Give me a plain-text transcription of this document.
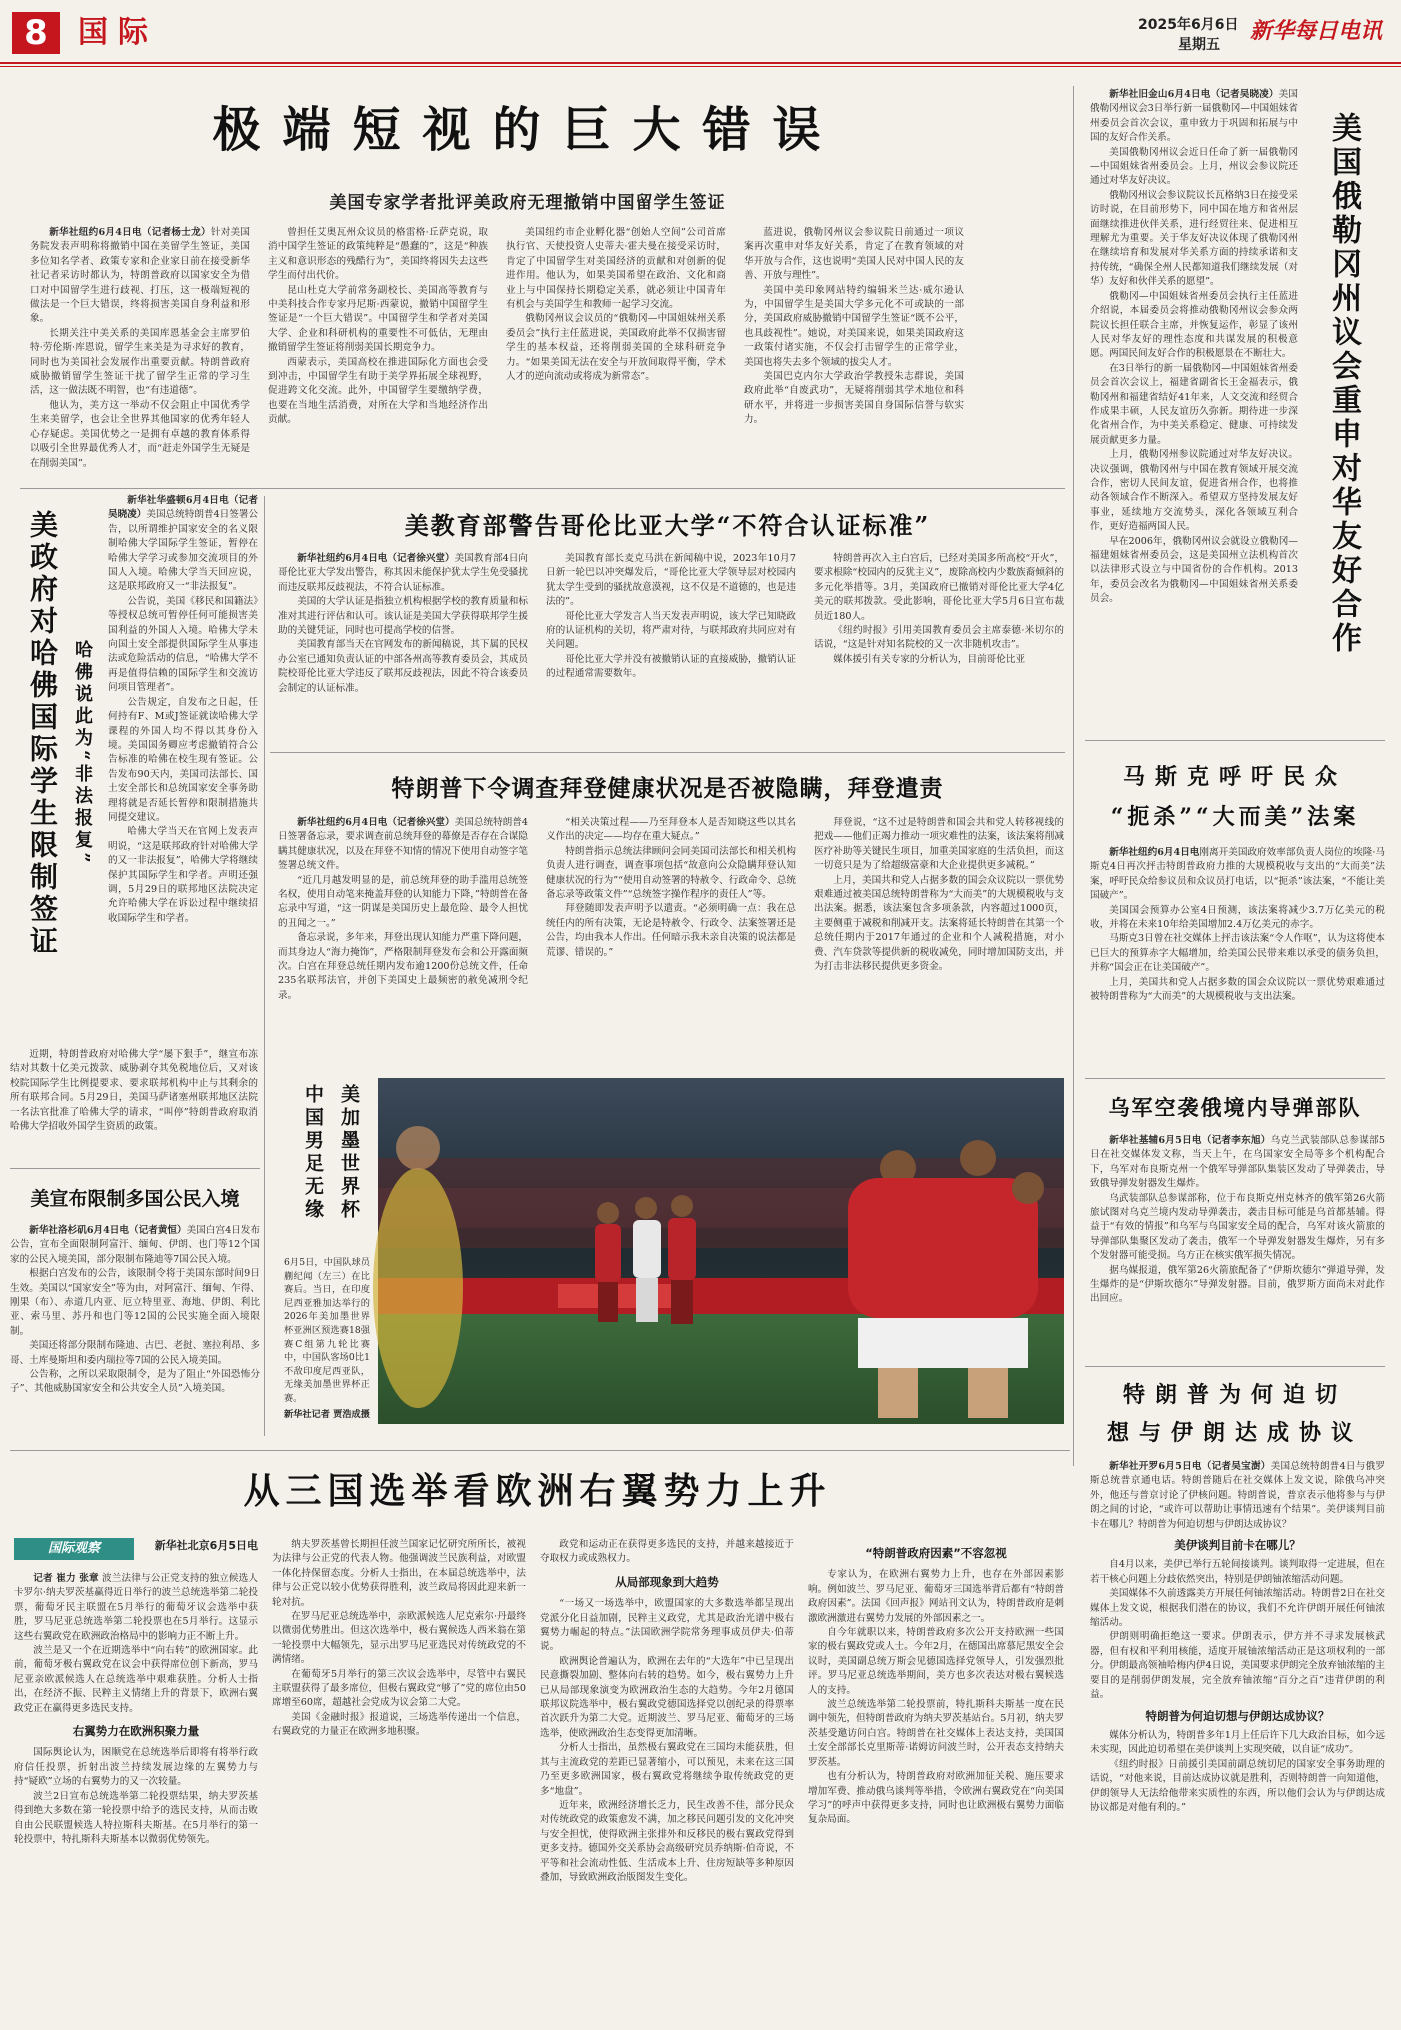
8	国际	2025年6月6日
星期五
新华每日电讯
极端短视的巨大错误
美国专家学者批评美政府无理撤销中国留学生签证

新华社纽约6月4日电（记者杨士龙）针对美国务院发表声明称将撤销中国在美留学生签证，美国多位知名学者、政策专家和企业家日前在接受新华社记者采访时都认为，特朗普政府以国家安全为借口对中国留学生进行歧视、打压，这一极端短视的做法是一个巨大错误，终将损害美国自身利益和形象。

长期关注中美关系的美国库恩基金会主席罗伯特·劳伦斯·库恩说，留学生来美是为寻求好的教育，同时也为美国社会发展作出重要贡献。特朗普政府威胁撤销留学生签证干扰了留学生正常的学习生活，这一做法既不明智，也“有违道德”。

他认为，美方这一举动不仅会阻止中国优秀学生来美留学，也会让全世界其他国家的优秀年轻人心存疑虑。美国优势之一是拥有卓越的教育体系得以吸引全世界最优秀人才，而“赶走外国学生无疑是在削弱美国”。

曾担任艾奥瓦州众议员的格雷格·丘萨克说，取消中国学生签证的政策纯粹是“愚蠢的”，这是“种族主义和意识形态的残酷行为”，美国终将因失去这些学生而付出代价。

昆山杜克大学前常务副校长、美国高等教育与中美科技合作专家丹尼斯·西蒙说，撤销中国留学生签证是“一个巨大错误”。中国留学生和学者对美国大学、企业和科研机构的重要性不可低估，无理由撤销留学生签证将削弱美国长期竞争力。

西蒙表示，美国高校在推进国际化方面也会受到冲击，中国留学生有助于美学界拓展全球视野，促进跨文化交流。此外，中国留学生要缴纳学费，也要在当地生活消费，对所在大学和当地经济作出贡献。

美国纽约市企业孵化器“创始人空间”公司首席执行官、天使投资人史蒂夫·霍夫曼在接受采访时，肯定了中国留学生对美国经济的贡献和对创新的促进作用。他认为，如果美国希望在政治、文化和商业上与中国保持长期稳定关系，就必须让中国青年有机会与美国学生和教师一起学习交流。

俄勒冈州议会议员的“俄勒冈—中国姐妹州关系委员会”执行主任蓝进说，美国政府此举不仅损害留学生的基本权益，还将削弱美国的全球科研竞争力。“如果美国无法在安全与开放间取得平衡，学术人才的逆向流动或将成为新常态”。

蓝进说，俄勒冈州议会参议院日前通过一项议案再次重申对华友好关系，肯定了在教育领域的对华开放与合作，这也说明“美国人民对中国人民的友善、开放与理性”。

美国中美印象网站特约编辑米兰达·威尔逊认为，中国留学生是美国大学多元化不可或缺的一部分，美国政府威胁撤销中国留学生签证“既不公平，也具歧视性”。她说，对美国来说，如果美国政府这一政策付诸实施，不仅会打击留学生的正常学业，美国也将失去多个领域的拔尖人才。

美国巴克内尔大学政治学教授朱志群说，美国政府此举“自废武功”，无疑将削弱其学术地位和科研水平，并将进一步损害美国自身国际信誉与软实力。

新华社旧金山6月4日电（记者吴晓凌）美国俄勒冈州议会3日举行新一届俄勒冈—中国姐妹省州委员会首次会议，重申致力于巩固和拓展与中国的友好合作关系。

美国俄勒冈州议会近日任命了新一届俄勒冈—中国姐妹省州委员会。上月，州议会参议院还通过对华友好决议。

俄勒冈州议会参议院议长瓦格纳3日在接受采访时说，在目前形势下，同中国在地方和省州层面继续推进伙伴关系，进行经贸往来、促进相互理解尤为重要。关于华友好决议体现了俄勒冈州在继续培育和发展对华关系方面的持续承诺和支持传统，“确保全州人民都知道我们继续发展（对华）友好和伙伴关系的愿望”。

俄勒冈—中国姐妹省州委员会执行主任蓝进介绍说，本届委员会将推动俄勒冈州议会参众两院议长担任联合主席，并恢复运作，彰显了该州人民对华友好的理性态度和共谋发展的积极意愿。两国民间友好合作的积极愿景在不断壮大。

在3日举行的新一届俄勒冈—中国姐妹省州委员会首次会议上，福建省副省长王金福表示，俄勒冈州和福建省结好41年来，人文交流和经贸合作成果丰硕，人民友谊历久弥新。期待进一步深化省州合作，为中美关系稳定、健康、可持续发展贡献更多力量。

上月，俄勒冈州参议院通过对华友好决议。决议强调，俄勒冈州与中国在教育领域开展交流合作，密切人民间友谊，促进省州合作，也将推动各领域合作不断深入。希望双方坚持发展友好事业，延续地方交流势头，深化各领域互利合作，更好造福两国人民。

早在2006年，俄勒冈州议会就设立俄勒冈—福建姐妹省州委员会，这是美国州立法机构首次以法律形式设立与中国省份的合作机构。2013年，委员会改名为俄勒冈—中国姐妹省州关系委员会。	美国俄勒冈州议会重申对华友好合作
马斯克呼吁民众
“扼杀”“大而美”法案

新华社纽约6月4日电刚离开美国政府效率部负责人岗位的埃隆·马斯克4日再次抨击特朗普政府力推的大规模税收与支出的“大而美”法案，呼吁民众给参议员和众议员打电话，以“扼杀”该法案，“不能让美国破产”。

美国国会预算办公室4日预测，该法案将减少3.7万亿美元的税收，并将在未来10年给美国增加2.4万亿美元的赤字。

马斯克3日曾在社交媒体上抨击该法案“令人作呕”，认为这将使本已巨大的预算赤字大幅增加，给美国公民带来难以承受的债务负担，并称“国会正在让美国破产”。

上月，美国共和党人占据多数的国会众议院以一票优势艰难通过被特朗普称为“大而美”的大规模税收与支出法案。

乌军空袭俄境内导弹部队

新华社基辅6月5日电（记者李东旭）乌克兰武装部队总参谋部5日在社交媒体发文称，当天上午，在乌国家安全局等多个机构配合下，乌军对布良斯克州一个俄军导弹部队集装区发动了导弹袭击，导致俄导弹发射器发生爆炸。

乌武装部队总参谋部称，位于布良斯克州克林齐的俄军第26火箭旅试图对乌克兰境内发动导弹袭击，袭击目标可能是乌首都基辅。得益于“有效的情报”和乌军与乌国家安全局的配合，乌军对该火箭旅的导弹部队集聚区发动了袭击，俄军一个导弹发射器发生爆炸，另有多个发射器可能受损。乌方正在核实俄军损失情况。

据乌媒报道，俄军第26火箭旅配备了“伊斯坎德尔”弹道导弹，发生爆炸的是“伊斯坎德尔”导弹发射器。目前，俄罗斯方面尚未对此作出回应。

特朗普为何迫切
想与伊朗达成协议

新华社开罗6月5日电（记者吴宝澍）美国总统特朗普4日与俄罗斯总统普京通电话。特朗普随后在社交媒体上发文说，除俄乌冲突外，他还与普京讨论了伊核问题。特朗普说，普京表示他将参与与伊朗之间的讨论，“或许可以帮助让事情迅速有个结果”。美伊谈判目前卡在哪儿？特朗普为何迫切想与伊朗达成协议？

美伊谈判目前卡在哪儿？

自4月以来，美伊已举行五轮间接谈判。谈判取得一定进展，但在若干核心问题上分歧依然突出，特别是伊朗铀浓缩活动问题。

美国媒体不久前透露美方开展任何铀浓缩活动。特朗普2日在社交媒体上发文说，根据我们潜在的协议，我们不允许伊朗开展任何铀浓缩活动。

伊朗则明确拒绝这一要求。伊朗表示，伊方并不寻求发展核武器，但有权和平利用核能，适度开展铀浓缩活动正是这项权利的一部分。伊朗最高领袖哈梅内伊4日说，美国要求伊朗完全放弃铀浓缩的主要目的是削弱伊朗发展，完全放弃铀浓缩“百分之百”违背伊朗的利益。

特朗普为何迫切想与伊朗达成协议？

媒体分析认为，特朗普多年1月上任后许下几大政治目标，如今远未实现，因此迫切希望在美伊谈判上实现突破，以自证“成功”。

《纽约时报》日前援引美国前副总统切尼的国家安全事务助理的话说，“对他来说，目前达成协议就是胜利，否则特朗普一向知道他，伊朗领导人无法给他带来实质性的东西，所以他们会认为与伊朗达成协议都是对他有利的。”

美政府对哈佛国际学生限制签证 哈佛说此为“非法报复”

新华社华盛顿6月4日电（记者吴晓凌）美国总统特朗普4日签署公告，以所谓维护国家安全的名义限制哈佛大学国际学生签证，暂停在哈佛大学学习或参加交流项目的外国人入境。哈佛大学当天回应说，这是联邦政府又一“非法报复”。

公告说，美国《移民和国籍法》等授权总统可暂停任何可能损害美国利益的外国人入境。哈佛大学未向国土安全部提供国际学生从事违法或危险活动的信息，“哈佛大学不再是值得信赖的国际学生和交流访问项目管理者”。

公告规定，自发布之日起，任何持有F、M或J签证就读哈佛大学课程的外国人均不得以其身份入境。美国国务卿应考虑撤销符合公告标准的哈佛在校生现有签证。公告发布90天内，美国司法部长、国土安全部长和总统国家安全事务助理将就是否延长暂停和限制措施共同提交建议。

哈佛大学当天在官网上发表声明说，“这是联邦政府针对哈佛大学的又一非法报复”，哈佛大学将继续保护其国际学生和学者。声明还强调，5月29日的联邦地区法院决定允许哈佛大学在诉讼过程中继续招收国际学生和学者。

近期，特朗普政府对哈佛大学“屡下狠手”，继宣布冻结对其数十亿美元拨款、威胁剥夺其免税地位后，又对该校院国际学生比例提要求、要求联邦机构中止与其剩余的所有联邦合同。5月29日，美国马萨诸塞州联邦地区法院一名法官批准了哈佛大学的请求，“叫停”特朗普政府取消哈佛大学招收外国学生资质的政策。

美教育部警告哥伦比亚大学“不符合认证标准”

新华社纽约6月4日电（记者徐兴堂）美国教育部4日向哥伦比亚大学发出警告，称其因未能保护犹太学生免受骚扰而违反联邦反歧视法，不符合认证标准。

美国的大学认证是指独立机构根据学校的教育质量和标准对其进行评估和认可。该认证是美国大学获得联邦学生援助的关键凭证，同时也可提高学校的信誉。

美国教育部当天在官网发布的新闻稿说，其下属的民权办公室已通知负责认证的中部各州高等教育委员会，其成员院校哥伦比亚大学违反了联邦反歧视法，因此不符合该委员会制定的认证标准。

美国教育部长麦克马洪在新闻稿中说，2023年10月7日新一轮巴以冲突爆发后，“哥伦比亚大学领导层对校园内犹太学生受到的骚扰故意漠视，这不仅是不道德的，也是违法的”。

哥伦比亚大学发言人当天发表声明说，该大学已知晓政府的认证机构的关切，将严肃对待，与联邦政府共同应对有关问题。

哥伦比亚大学并没有被撤销认证的直接威胁，撤销认证的过程通常需要数年。

特朗普再次入主白宫后，已经对美国多所高校“开火”，要求根除“校园内的反犹主义”，废除高校内少数族裔倾斜的多元化举措等。3月，美国政府已撤销对哥伦比亚大学4亿美元的联邦拨款。受此影响，哥伦比亚大学5月6日宣布裁员近180人。

《纽约时报》引用美国教育委员会主席泰德·米切尔的话说，“这是针对知名院校的又一次非随机攻击”。

媒体援引有关专家的分析认为，目前哥伦比亚

特朗普下令调查拜登健康状况是否被隐瞒，拜登遣责

新华社纽约6月4日电（记者徐兴堂）美国总统特朗普4日签署备忘录，要求调查前总统拜登的幕僚是否存在合谋隐瞒其健康状况，以及在拜登不知情的情况下使用自动签字笔签署总统文件。

“近几月越发明显的是，前总统拜登的助手滥用总统签名权，使用自动笔来掩盖拜登的认知能力下降，”特朗普在备忘录中写道，“这一阴谋是美国历史上最危险、最令人担忧的丑闻之一。”

备忘录说，多年来，拜登出现认知能力严重下降问题，而其身边人“海力掩饰”，严格限制拜登发布会和公开露面频次。白宫在拜登总统任期内发布逾1200份总统文件，任命235名联邦法官，并创下美国史上最频密的赦免减刑令纪录。

“相关决策过程——乃至拜登本人是否知晓这些以其名义作出的决定——均存在重大疑点。”

特朗普指示总统法律顾问会同美国司法部长和相关机构负责人进行调查，调查事项包括“故意向公众隐瞒拜登认知健康状况的行为”“使用自动签署的特赦令、行政命令、总统备忘录等政策文件”“总统签字操作程序的责任人”等。

拜登随即发表声明予以遣责。“必须明确一点：我在总统任内的所有决策，无论是特赦令、行政令、法案签署还是公告，均由我本人作出。任何暗示我未亲自决策的说法都是荒谬、错误的。”

拜登说，“这不过是特朗普和国会共和党人转移视线的把戏——他们正竭力推动一项灾难性的法案，该法案将削减医疗补助等关键民生项目，加重美国家庭的生活负担，而这一切竟只是为了给超级富豪和大企业提供更多减税。”

上月，美国共和党人占据多数的国会众议院以一票优势艰难通过被美国总统特朗普称为“大而美”的大规模税收与支出法案。据悉，该法案包含多项条款，内容超过1000页，主要侧重于减税和削减开支。法案将延长特朗普在其第一个总统任期内于2017年通过的企业和个人减税措施，对小费、汽车贷款等提供新的税收减免，同时增加国防支出，并为打击非法移民提供更多资金。

美宣布限制多国公民入境

新华社洛杉矶6月4日电（记者黄恒）美国白宫4日发布公告，宣布全面限制阿富汗、缅甸、伊朗、也门等12个国家的公民入境美国，部分限制布隆迪等7国公民入境。

根据白宫发布的公告，该限制令将于美国东部时间9日生效。美国以“国家安全”等为由，对阿富汗、缅甸、乍得、刚果（布）、赤道几内亚、厄立特里亚、海地、伊朗、利比亚、索马里、苏丹和也门等12国的公民实施全面入境限制。

美国还将部分限制布隆迪、古巴、老挝、塞拉利昂、多哥、土库曼斯坦和委内瑞拉等7国的公民入境美国。

公告称，之所以采取限制令，是为了阻止“外国恐怖分子”、其他威胁国家安全和公共安全人员”入境美国。

美加墨世界杯
中国男足无缘
6月5日，中国队球员蒯纪闻（左三）在比赛后。当日，在印度尼西亚雅加达举行的2026年美加墨世界杯亚洲区预选赛18强赛C组第九轮比赛中，中国队客场0比1不敌印度尼西亚队，无缘美加墨世界杯正赛。
新华社记者 贾浩成摄
从三国选举看欧洲右翼势力上升
国际观察	新华社北京6月5日电

记者 崔力 张章 波兰法律与公正党支持的独立候选人卡罗尔·纳夫罗茨基赢得近日举行的波兰总统选举第二轮投票，葡萄牙民主联盟在5月举行的葡萄牙议会选举中获胜，罗马尼亚总统选举第二轮投票也在5月举行。这显示这些右翼政党在欧洲政治格局中的影响力正不断上升。

波兰是又一个在近期选举中“向右转”的欧洲国家。此前，葡萄牙极右翼政党在议会中获得席位创下新高，罗马尼亚亲欧派候选人在总统选举中艰难获胜。分析人士指出，在经济不振、民粹主义情绪上升的背景下，欧洲右翼政党正在赢得更多选民支持。

右翼势力在欧洲积聚力量

国际舆论认为，困顺党在总统选举后即将有将举行政府信任投票，折射出波兰持续发展边缘的左翼势力与持“疑欧”立场的右翼势力的又一次较量。

波兰2日宣布总统选举第二轮投票结果，纳夫罗茨基得到绝大多数在第一轮投票中给予的选民支持，从而击败自由公民联盟候选人特拉斯科夫斯基。在5月举行的第一轮投票中，特扎斯科夫斯基本以微弱优势领先。

纳夫罗茨基曾长期担任波兰国家记忆研究所所长，被视为法律与公正党的代表人物。他强调波兰民族利益，对欧盟一体化持保留态度。分析人士指出，在本届总统选举中，法律与公正党以较小优势获得胜利，波兰政局将因此迎来新一轮对抗。

在罗马尼亚总统选举中，亲欧派候选人尼克索尔·丹最终以微弱优势胜出。但这次选举中，极右翼候选人西米翁在第一轮投票中大幅领先，显示出罗马尼亚选民对传统政党的不满情绪。

在葡萄牙5月举行的第三次议会选举中，尽管中右翼民主联盟获得了最多席位，但极右翼政党“够了”党的席位由50席增至60席，超越社会党成为议会第二大党。

美国《金融时报》报道说，三场选举传递出一个信息，右翼政党的力量正在欧洲多地积聚。

政党和运动正在获得更多选民的支持，并越来越接近于夺取权力或成熟权力。

从局部现象到大趋势

“一场又一场选举中，欧盟国家的大多数选举都呈现出党派分化日益加剧，民粹主义政党，尤其是政治光谱中极右翼势力崛起的特点。”法国欧洲学院常务理事成员伊夫·伯蒂说。

欧洲舆论普遍认为，欧洲在去年的“大选年”中已呈现出民意撕裂加剧、整体向右转的趋势。如今，极右翼势力上升已从局部现象演变为欧洲政治生态的大趋势。今年2月德国联邦议院选举中，极右翼政党德国选择党以创纪录的得票率首次跃升为第二大党。近期波兰、罗马尼亚、葡萄牙的三场选举，使欧洲政治生态变得更加清晰。

分析人士指出，虽然极右翼政党在三国均未能获胜，但其与主流政党的差距已显著缩小，可以预见，未来在这三国乃至更多欧洲国家，极右翼政党将继续争取传统政党的更多“地盘”。

近年来，欧洲经济增长乏力，民生改善不佳，部分民众对传统政党的政策愈发不满，加之移民问题引发的文化冲突与安全担忧，使得欧洲主张排外和反移民的极右翼政党得到更多支持。德国外交关系协会高级研究员乔纳斯·伯奇说，不平等和社会流动性低、生活成本上升、住房短缺等多种原因叠加，导致欧洲政治版图发生变化。

“特朗普政府因素”不容忽视

专家认为，在欧洲右翼势力上升，也存在外部因素影响。例如波兰、罗马尼亚、葡萄牙三国选举背后都有“特朗普政府因素”。法国《回声报》网站刊文认为，特朗普政府是刺激欧洲激进右翼势力发展的外部因素之一。

自今年就职以来，特朗普政府多次公开支持欧洲一些国家的极右翼政党或人士。今年2月，在德国出席慕尼黑安全会议时，美国副总统万斯会见德国选择党领导人，引发强烈批评。罗马尼亚总统选举期间，美方也多次表达对极右翼候选人的支持。

波兰总统选举第二轮投票前，特扎斯科夫斯基一度在民调中领先，但特朗普政府为纳夫罗茨基站台。5月初，纳夫罗茨基受邀访问白宫。特朗普在社交媒体上表达支持，美国国土安全部部长克里斯蒂·诺姆访问波兰时，公开表态支持纳夫罗茨基。

也有分析认为，特朗普政府对欧洲加征关税、施压要求增加军费、推动俄乌谈判等举措，令欧洲右翼政党在“向美国学习”的呼声中获得更多支持，同时也让欧洲极右翼势力面临复杂局面。
